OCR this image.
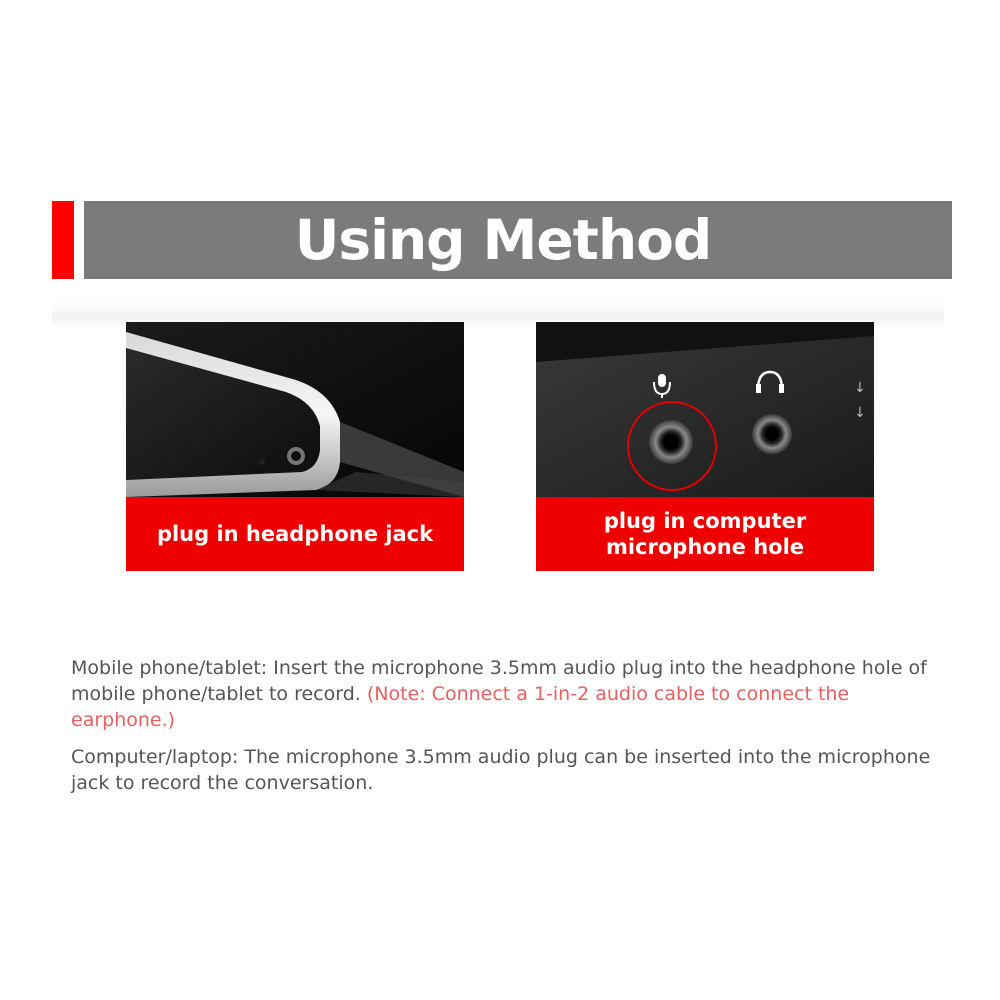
Using Method
plug in headphone jack
↓
↓
plug in computer microphone hole
Mobile phone/tablet: Insert the microphone 3.5mm audio plug into the headphone hole of mobile phone/tablet to record. (Note: Connect a 1-in-2 audio cable to connect the earphone.)
Computer/laptop: The microphone 3.5mm audio plug can be inserted into the microphone jack to record the conversation.
